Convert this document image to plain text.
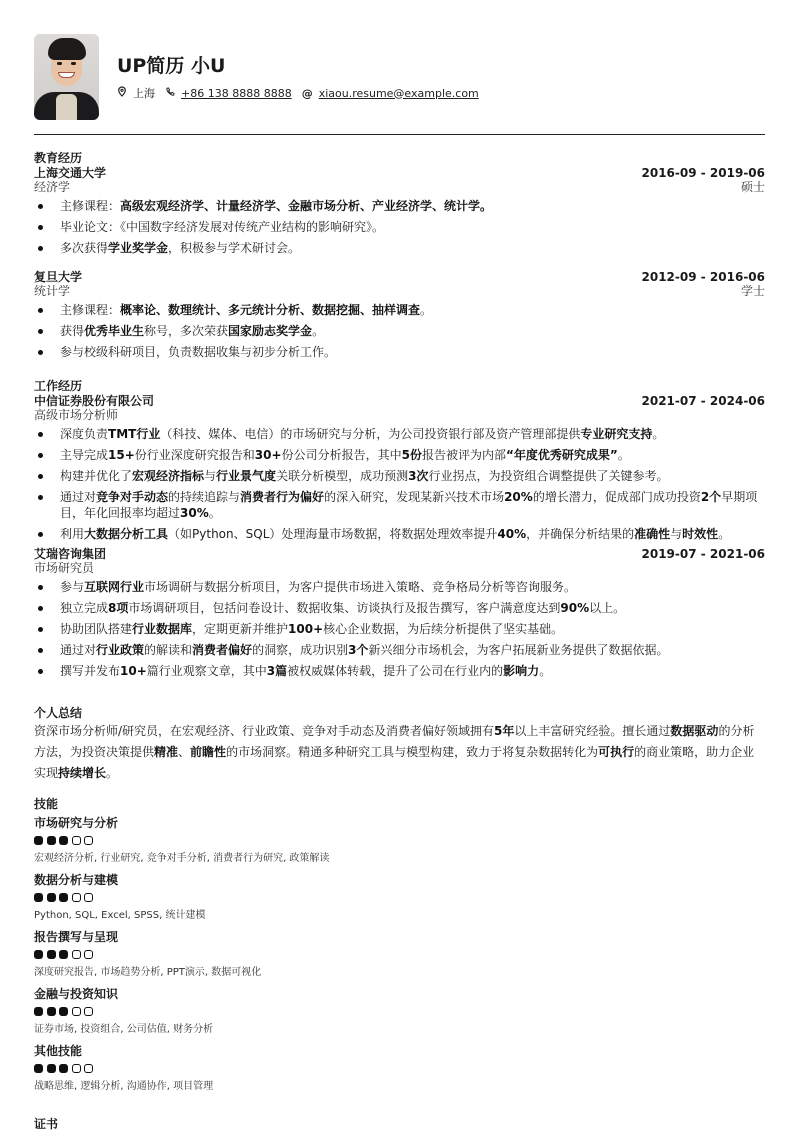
UP简历 小U
上海 +86 138 8888 8888 @ xiaou.resume@example.com
教育经历
上海交通大学	2016-09 - 2019-06
经济学	硕士
主修课程：高级宏观经济学、计量经济学、金融市场分析、产业经济学、统计学。
毕业论文：《中国数字经济发展对传统产业结构的影响研究》。
多次获得学业奖学金，积极参与学术研讨会。
复旦大学	2012-09 - 2016-06
统计学	学士
主修课程：概率论、数理统计、多元统计分析、数据挖掘、抽样调查。
获得优秀毕业生称号，多次荣获国家励志奖学金。
参与校级科研项目，负责数据收集与初步分析工作。
工作经历
中信证券股份有限公司	2021-07 - 2024-06
高级市场分析师
深度负责TMT行业（科技、媒体、电信）的市场研究与分析，为公司投资银行部及资产管理部提供专业研究支持。
主导完成15+份行业深度研究报告和30+份公司分析报告，其中5份报告被评为内部“年度优秀研究成果”。
构建并优化了宏观经济指标与行业景气度关联分析模型，成功预测3次行业拐点，为投资组合调整提供了关键参考。
通过对竞争对手动态的持续追踪与消费者行为偏好的深入研究，发现某新兴技术市场20%的增长潜力，促成部门成功投资2个早期项目，年化回报率均超过30%。
利用大数据分析工具（如Python、SQL）处理海量市场数据，将数据处理效率提升40%，并确保分析结果的准确性与时效性。
艾瑞咨询集团	2019-07 - 2021-06
市场研究员
参与互联网行业市场调研与数据分析项目，为客户提供市场进入策略、竞争格局分析等咨询服务。
独立完成8项市场调研项目，包括问卷设计、数据收集、访谈执行及报告撰写，客户满意度达到90%以上。
协助团队搭建行业数据库，定期更新并维护100+核心企业数据，为后续分析提供了坚实基础。
通过对行业政策的解读和消费者偏好的洞察，成功识别3个新兴细分市场机会，为客户拓展新业务提供了数据依据。
撰写并发布10+篇行业观察文章，其中3篇被权威媒体转载，提升了公司在行业内的影响力。
个人总结
资深市场分析师/研究员，在宏观经济、行业政策、竞争对手动态及消费者偏好领域拥有5年以上丰富研究经验。擅长通过数据驱动的分析方法，为投资决策提供精准、前瞻性的市场洞察。精通多种研究工具与模型构建，致力于将复杂数据转化为可执行的商业策略，助力企业实现持续增长。
技能
市场研究与分析
宏观经济分析, 行业研究, 竞争对手分析, 消费者行为研究, 政策解读
数据分析与建模
Python, SQL, Excel, SPSS, 统计建模
报告撰写与呈现
深度研究报告, 市场趋势分析, PPT演示, 数据可视化
金融与投资知识
证券市场, 投资组合, 公司估值, 财务分析
其他技能
战略思维, 逻辑分析, 沟通协作, 项目管理
证书
